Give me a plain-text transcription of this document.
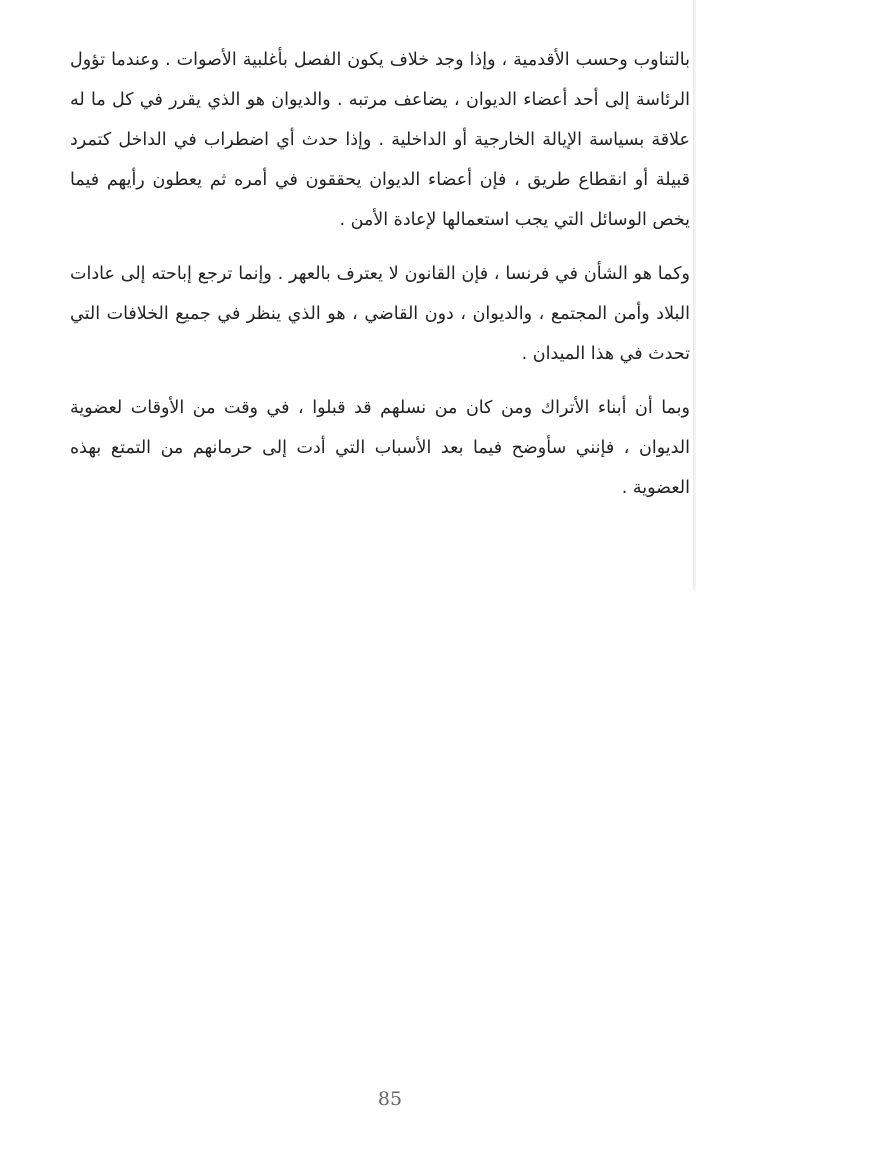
بالتناوب وحسب الأقدمية ، وإذا وجد خلاف يكون الفصل بأغلبية الأصوات . وعندما تؤول الرئاسة إلى أحد أعضاء الديوان ، يضاعف مرتبه . والديوان هو الذي يقرر في كل ما له علاقة بسياسة الإيالة الخارجية أو الداخلية . وإذا حدث أي اضطراب في الداخل كتمرد قبيلة أو انقطاع طريق ، فإن أعضاء الديوان يحققون في أمره ثم يعطون رأيهم فيما يخص الوسائل التي يجب استعمالها لإعادة الأمن .

وكما هو الشأن في فرنسا ، فإن القانون لا يعترف بالعهر . وإنما ترجع إباحته إلى عادات البلاد وأمن المجتمع ، والديوان ، دون القاضي ، هو الذي ينظر في جميع الخلافات التي تحدث في هذا الميدان .

وبما أن أبناء الأتراك ومن كان من نسلهم قد قبلوا ، في وقت من الأوقات لعضوية الديوان ، فإنني سأوضح فيما بعد الأسباب التي أدت إلى حرمانهم من التمتع بهذه العضوية .

85
